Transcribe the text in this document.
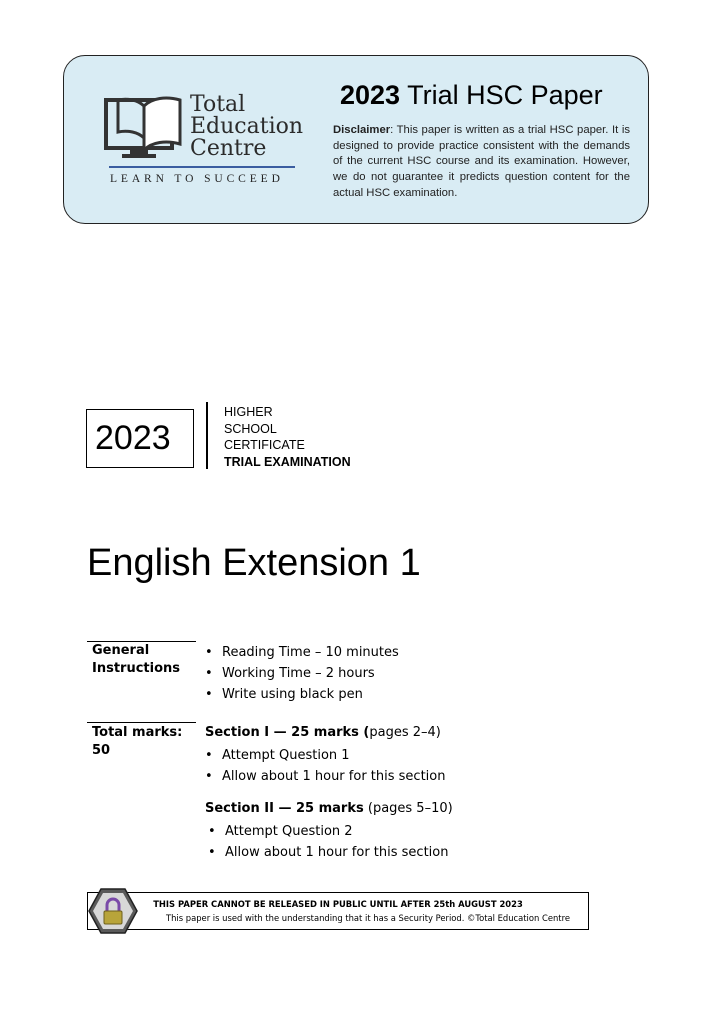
Total
Education
Centre
LEARN TO SUCCEED
2023 Trial HSC Paper
Disclaimer: This paper is written as a trial HSC paper. It is designed to provide practice consistent with the demands of the current HSC course and its examination. However, we do not guarantee it predicts question content for the actual HSC examination.
2023
HIGHER
SCHOOL
CERTIFICATE
TRIAL EXAMINATION
English Extension 1
General
Instructions
• Reading Time – 10 minutes
• Working Time – 2 hours
• Write using black pen
Total marks:
50
Section I — 25 marks (pages 2–4)
• Attempt Question 1
• Allow about 1 hour for this section
Section II — 25 marks (pages 5–10)
• Attempt Question 2
• Allow about 1 hour for this section
THIS PAPER CANNOT BE RELEASED IN PUBLIC UNTIL AFTER 25th AUGUST 2023
This paper is used with the understanding that it has a Security Period. ©Total Education Centre
